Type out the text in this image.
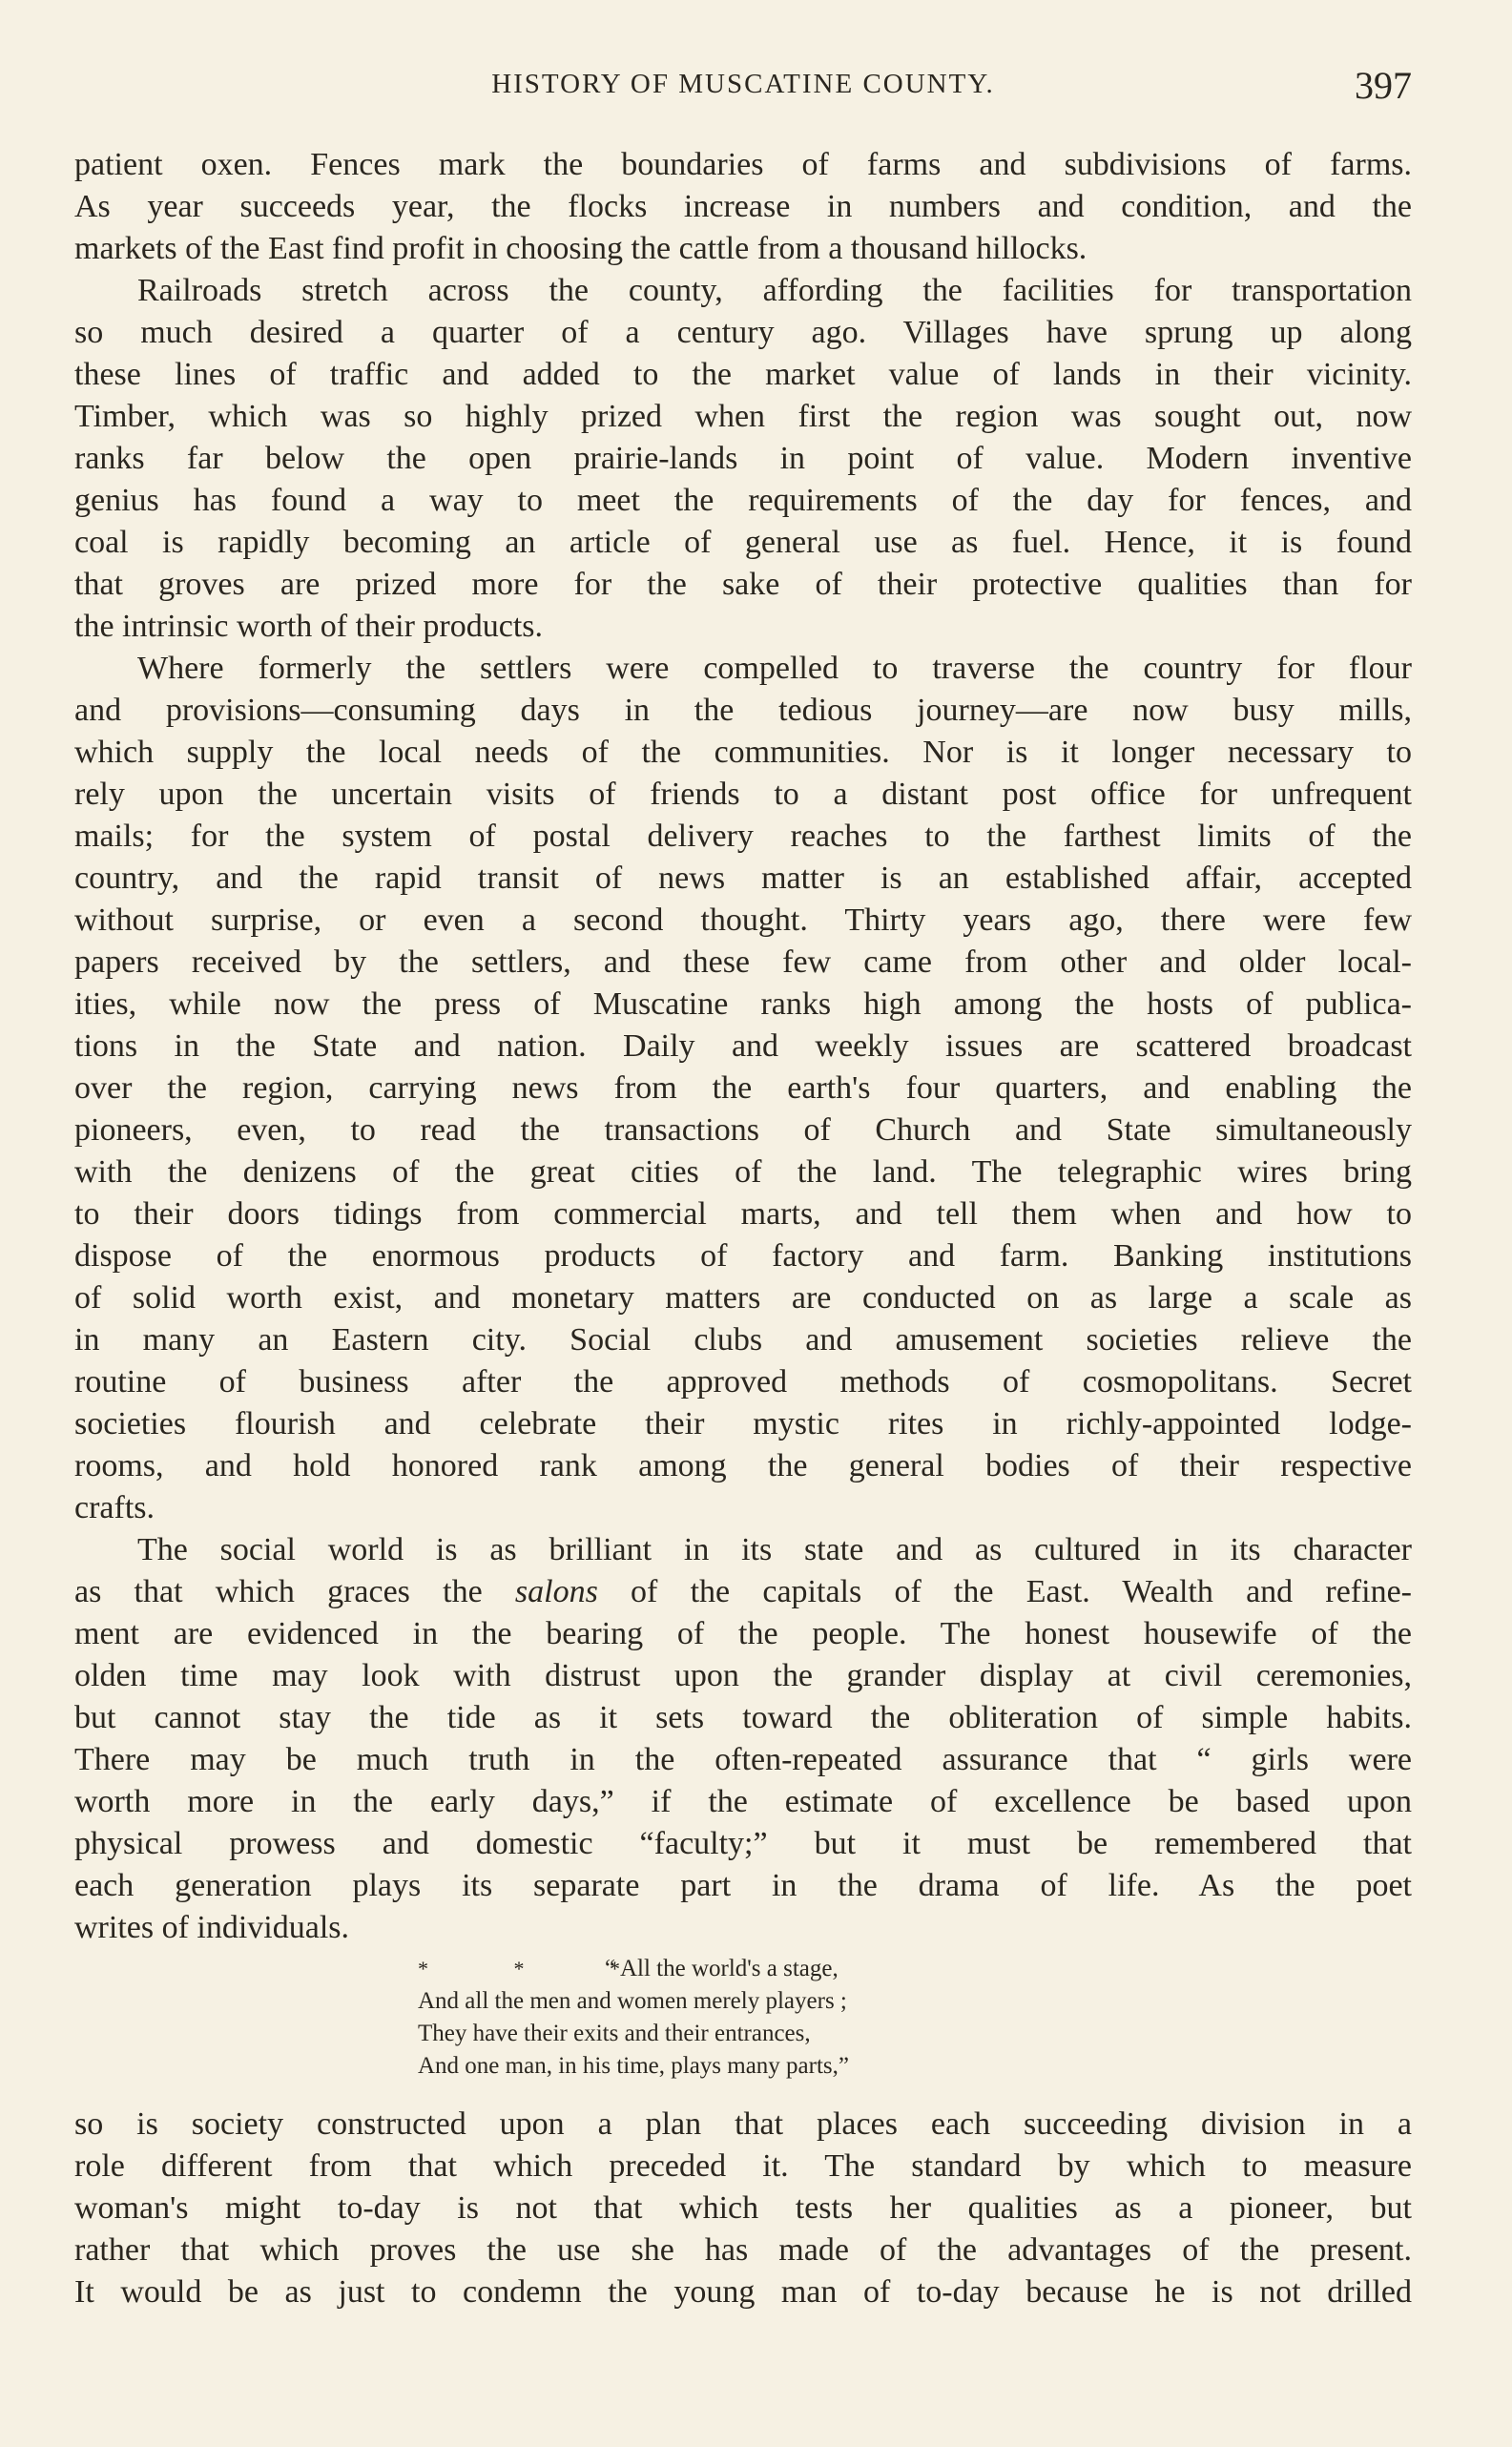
HISTORY OF MUSCATINE COUNTY.	397
patient oxen. Fences mark the boundaries of farms and subdivisions of farms.
As year succeeds year, the flocks increase in numbers and condition, and the
markets of the East find profit in choosing the cattle from a thousand hillocks.
Railroads stretch across the county, affording the facilities for transportation
so much desired a quarter of a century ago. Villages have sprung up along
these lines of traffic and added to the market value of lands in their vicinity.
Timber, which was so highly prized when first the region was sought out, now
ranks far below the open prairie-lands in point of value. Modern inventive
genius has found a way to meet the requirements of the day for fences, and
coal is rapidly becoming an article of general use as fuel. Hence, it is found
that groves are prized more for the sake of their protective qualities than for
the intrinsic worth of their products.
Where formerly the settlers were compelled to traverse the country for flour
and provisions—consuming days in the tedious journey—are now busy mills,
which supply the local needs of the communities. Nor is it longer necessary to
rely upon the uncertain visits of friends to a distant post office for unfrequent
mails; for the system of postal delivery reaches to the farthest limits of the
country, and the rapid transit of news matter is an established affair, accepted
without surprise, or even a second thought. Thirty years ago, there were few
papers received by the settlers, and these few came from other and older local-
ities, while now the press of Muscatine ranks high among the hosts of publica-
tions in the State and nation. Daily and weekly issues are scattered broadcast
over the region, carrying news from the earth's four quarters, and enabling the
pioneers, even, to read the transactions of Church and State simultaneously
with the denizens of the great cities of the land. The telegraphic wires bring
to their doors tidings from commercial marts, and tell them when and how to
dispose of the enormous products of factory and farm. Banking institutions
of solid worth exist, and monetary matters are conducted on as large a scale as
in many an Eastern city. Social clubs and amusement societies relieve the
routine of business after the approved methods of cosmopolitans. Secret
societies flourish and celebrate their mystic rites in richly-appointed lodge-
rooms, and hold honored rank among the general bodies of their respective
crafts.
The social world is as brilliant in its state and as cultured in its character
as that which graces the salons of the capitals of the East. Wealth and refine-
ment are evidenced in the bearing of the people. The honest housewife of the
olden time may look with distrust upon the grander display at civil ceremonies,
but cannot stay the tide as it sets toward the obliteration of simple habits.
There may be much truth in the often-repeated assurance that “ girls were
worth more in the early days,” if the estimate of excellence be based upon
physical prowess and domestic “faculty;” but it must be remembered that
each generation plays its separate part in the drama of life. As the poet
writes of individuals.
* * *“ All the world's a stage,
And all the men and women merely players ;
They have their exits and their entrances,
And one man, in his time, plays many parts,”
so is society constructed upon a plan that places each succeeding division in a
role different from that which preceded it. The standard by which to measure
woman's might to-day is not that which tests her qualities as a pioneer, but
rather that which proves the use she has made of the advantages of the present.
It would be as just to condemn the young man of to-day because he is not drilled
